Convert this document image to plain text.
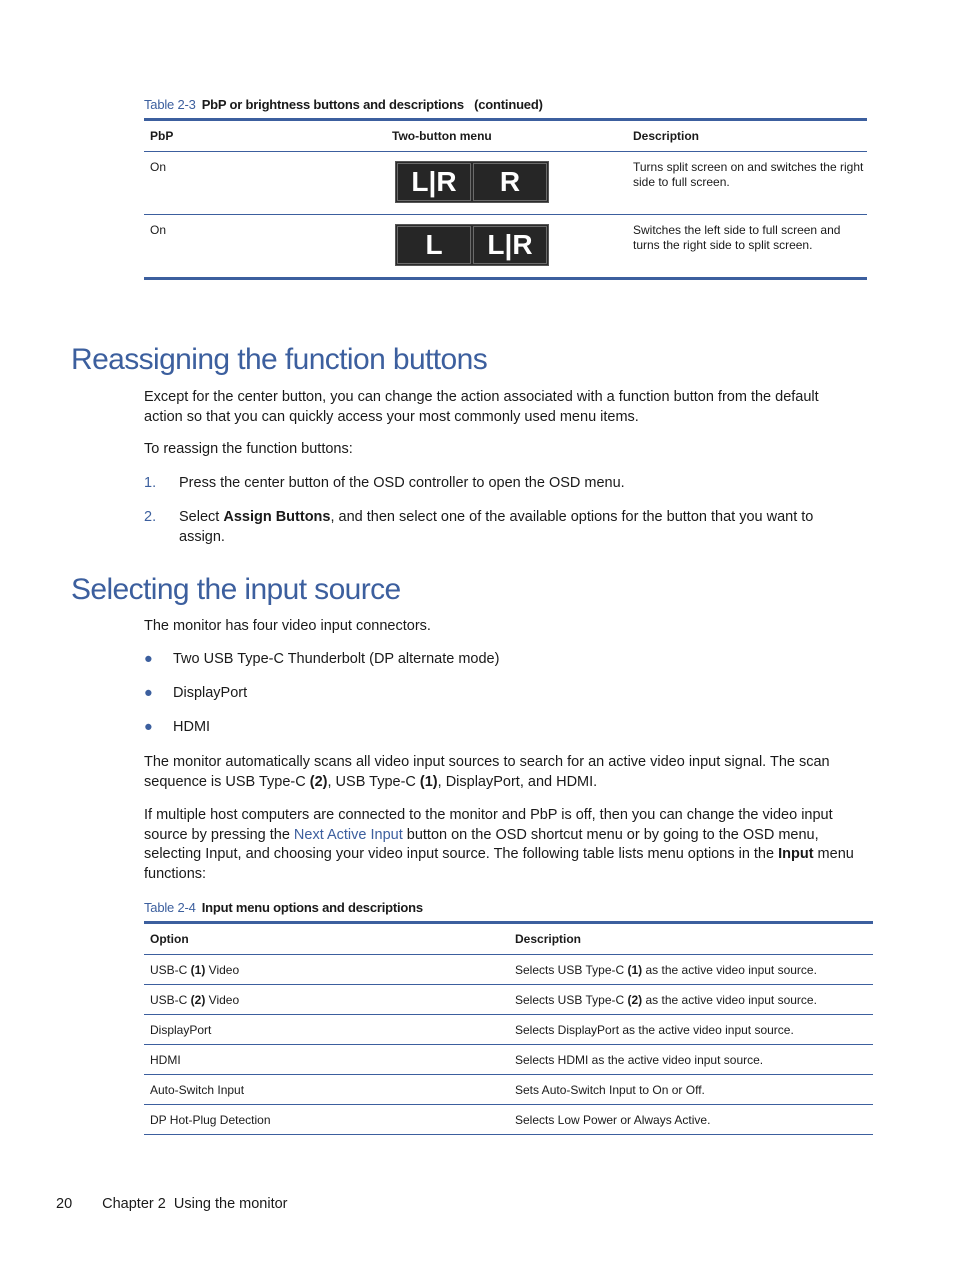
Table 2-3 PbP or brightness buttons and descriptions   (continued)
PbP	Two-button menu	Description
On	L|R	R	Turns split screen on and switches the right side to full screen.
On	L	L|R	Switches the left side to full screen and turns the right side to split screen.
Reassigning the function buttons

Except for the center button, you can change the action associated with a function button from the default action so that you can quickly access your most commonly used menu items.

To reassign the function buttons:

1. Press the center button of the OSD controller to open the OSD menu.
2. Select Assign Buttons, and then select one of the available options for the button that you want to assign.
Selecting the input source

The monitor has four video input connectors.

● Two USB Type-C Thunderbolt (DP alternate mode)
● DisplayPort
● HDMI

The monitor automatically scans all video input sources to search for an active video input signal. The scan sequence is USB Type-C (2), USB Type-C (1), DisplayPort, and HDMI.

If multiple host computers are connected to the monitor and PbP is off, then you can change the video input source by pressing the Next Active Input button on the OSD shortcut menu or by going to the OSD menu, selecting Input, and choosing your video input source. The following table lists menu options in the Input menu functions:

Table 2-4 Input menu options and descriptions
Option	Description
USB-C (1) Video	Selects USB Type-C (1) as the active video input source.
USB-C (2) Video	Selects USB Type-C (2) as the active video input source.
DisplayPort	Selects DisplayPort as the active video input source.
HDMI	Selects HDMI as the active video input source.
Auto-Switch Input	Sets Auto-Switch Input to On or Off.
DP Hot-Plug Detection	Selects Low Power or Always Active.
20 Chapter 2  Using the monitor
